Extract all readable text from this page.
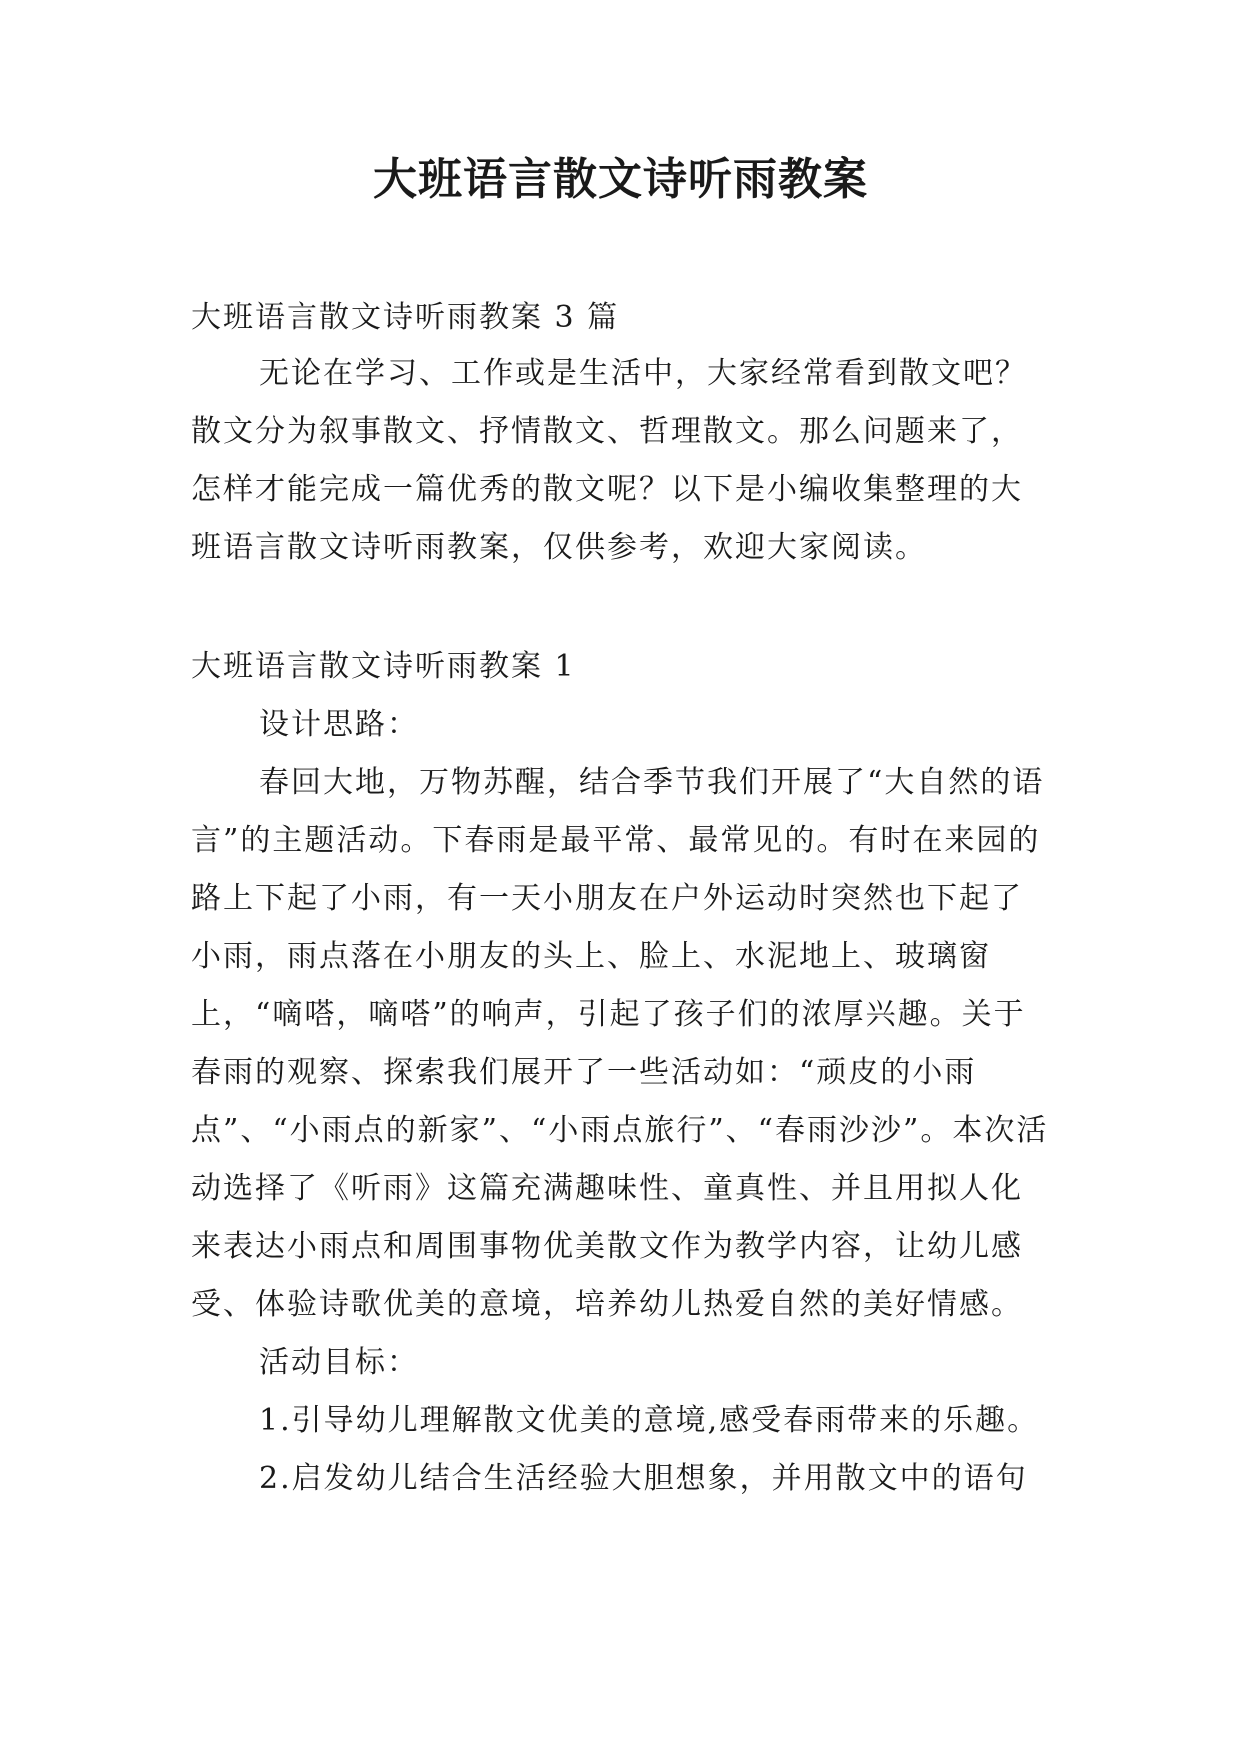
大班语言散文诗听雨教案

大班语言散文诗听雨教案 3 篇

无论在学习、工作或是生活中，大家经常看到散文吧？散文分为叙事散文、抒情散文、哲理散文。那么问题来了，怎样才能完成一篇优秀的散文呢？以下是小编收集整理的大班语言散文诗听雨教案，仅供参考，欢迎大家阅读。

大班语言散文诗听雨教案 1

设计思路：

春回大地，万物苏醒，结合季节我们开展了“大自然的语言”的主题活动。下春雨是最平常、最常见的。有时在来园的路上下起了小雨，有一天小朋友在户外运动时突然也下起了小雨，雨点落在小朋友的头上、脸上、水泥地上、玻璃窗上，“嘀嗒，嘀嗒”的响声，引起了孩子们的浓厚兴趣。关于春雨的观察、探索我们展开了一些活动如：“顽皮的小雨点”、“小雨点的新家”、“小雨点旅行”、“春雨沙沙”。本次活动选择了《听雨》这篇充满趣味性、童真性、并且用拟人化来表达小雨点和周围事物优美散文作为教学内容，让幼儿感受、体验诗歌优美的意境，培养幼儿热爱自然的美好情感。

活动目标：

1.引导幼儿理解散文优美的意境,感受春雨带来的乐趣。

2.启发幼儿结合生活经验大胆想象，并用散文中的语句
